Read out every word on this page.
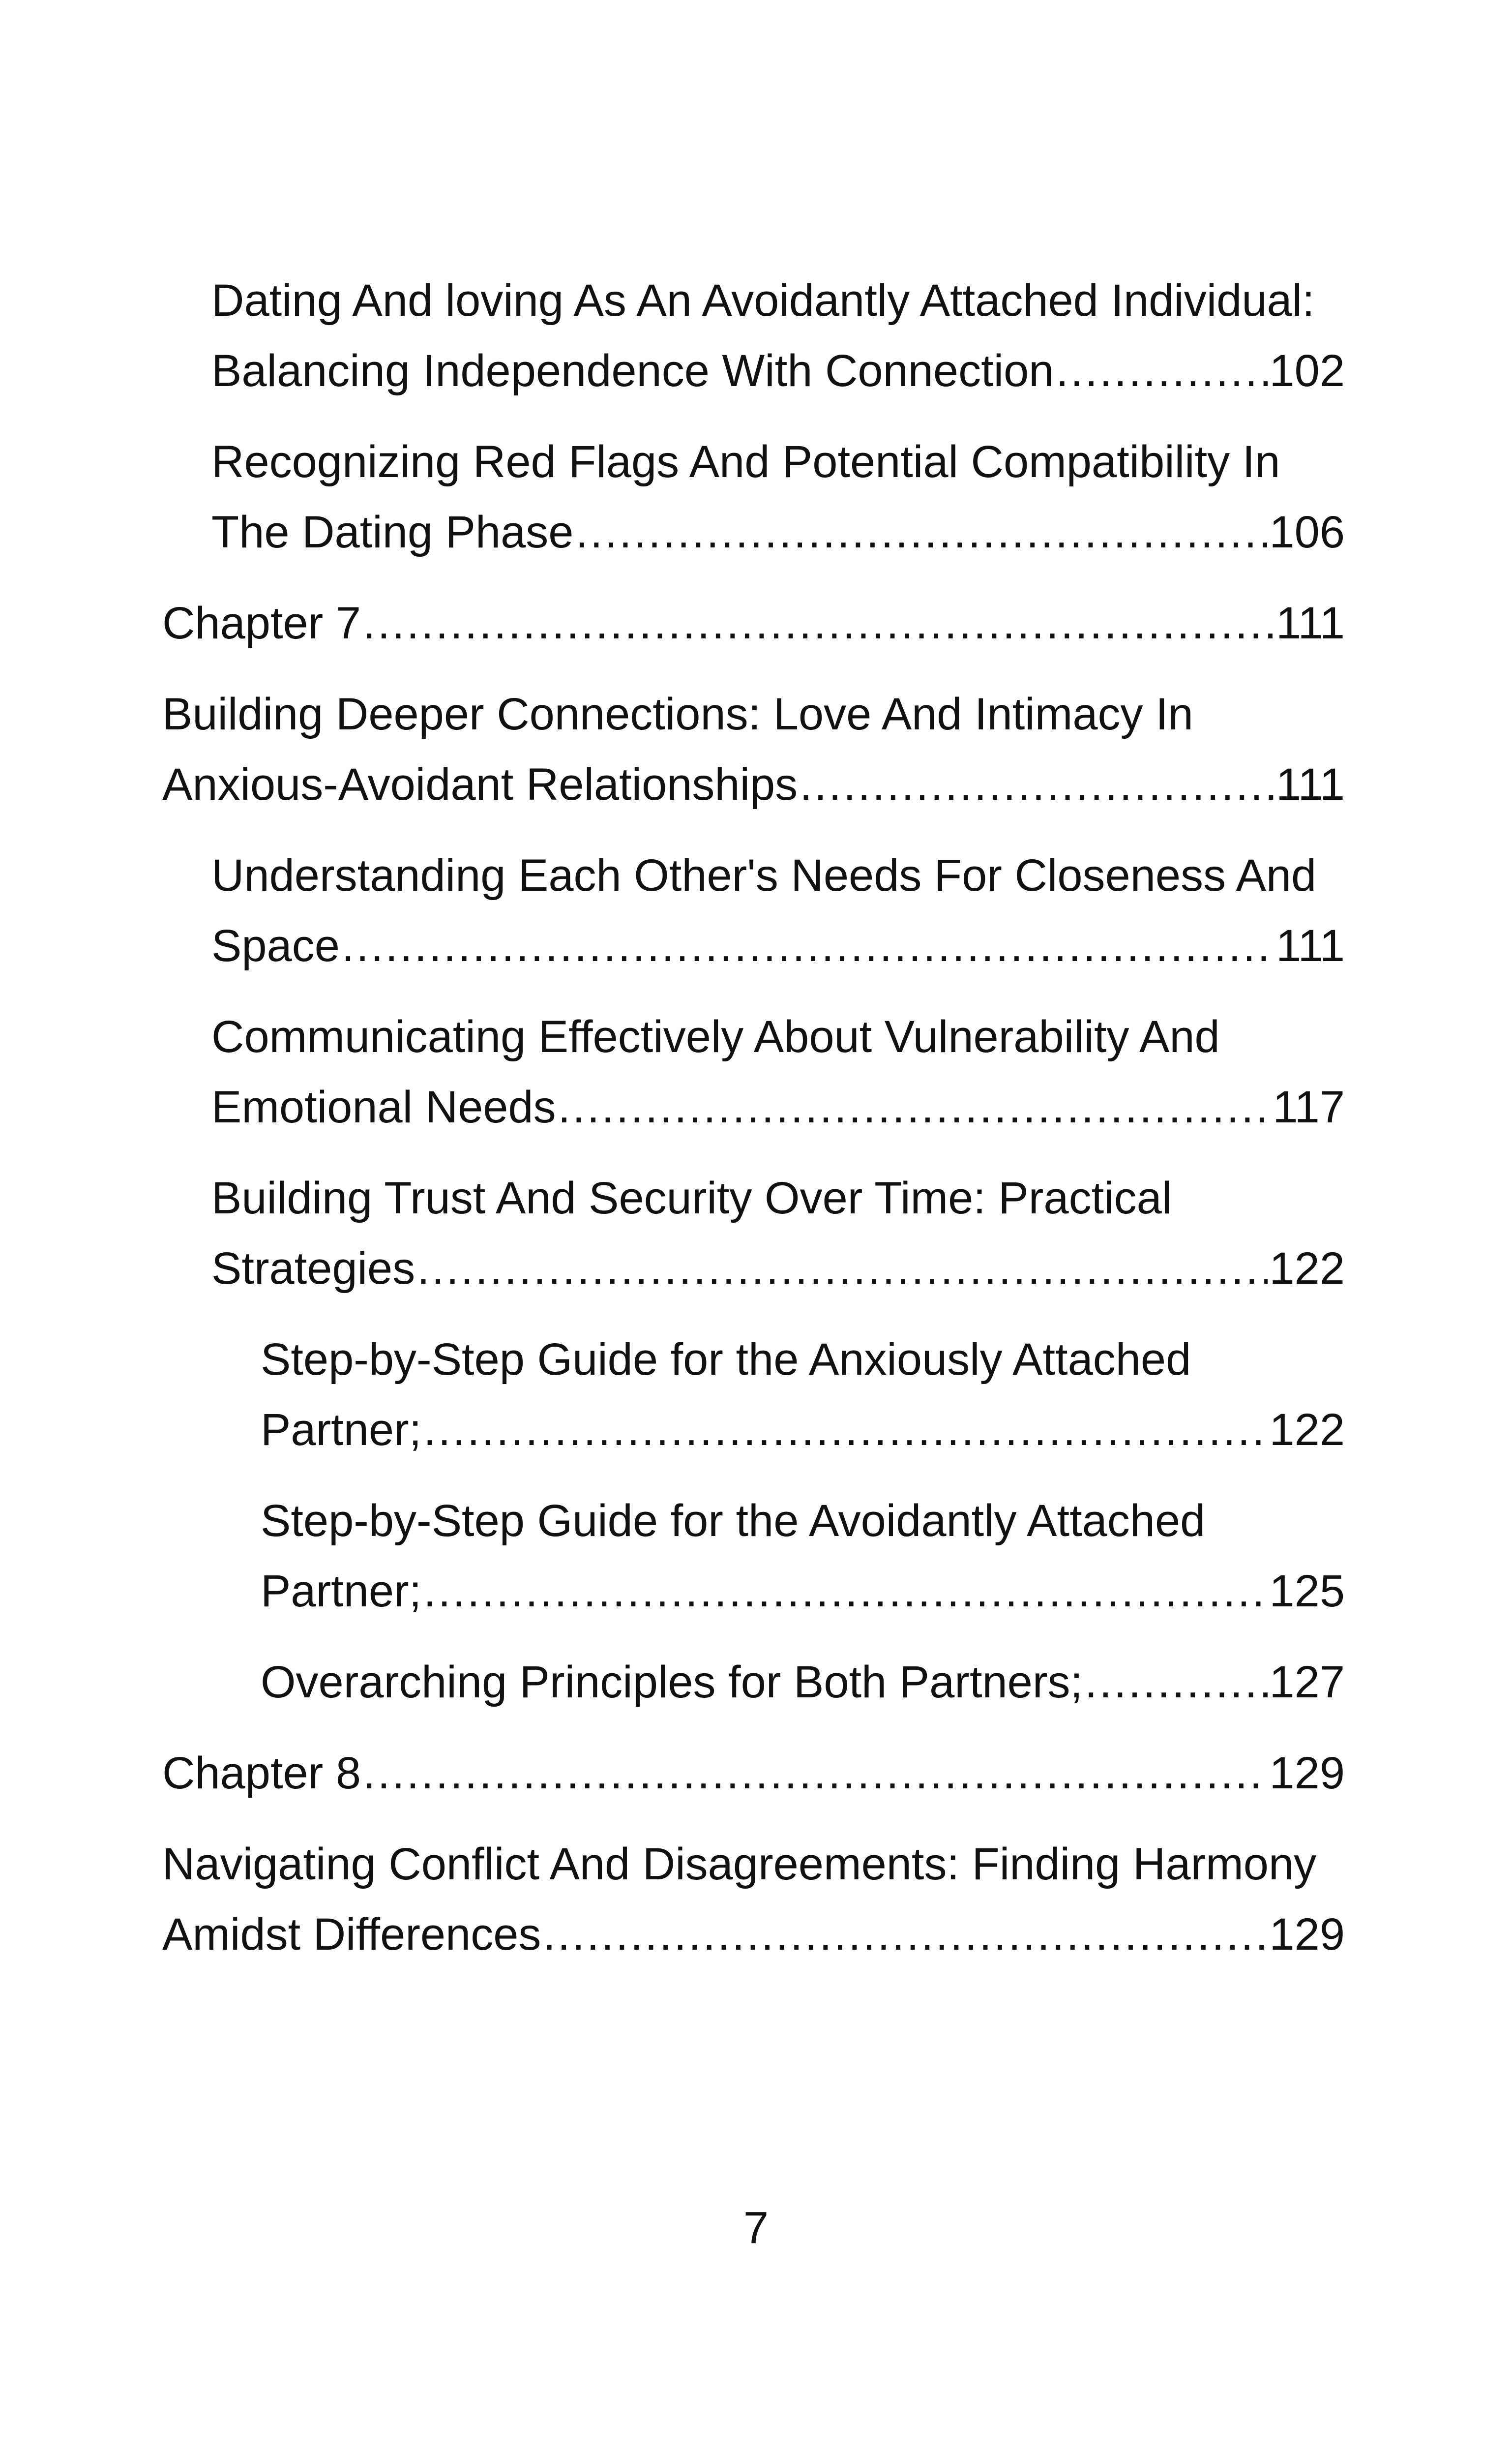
Dating And loving As An Avoidantly Attached Individual:
Balancing Independence With Connection .....	102
Recognizing Red Flags And Potential Compatibility In
The Dating Phase .....	106
Chapter 7 .....	111
Building Deeper Connections: Love And Intimacy In
Anxious-Avoidant Relationships .....	111
Understanding Each Other's Needs For Closeness And
Space .....	111
Communicating Effectively About Vulnerability And
Emotional Needs .....	117
Building Trust And Security Over Time: Practical
Strategies .....	122
Step-by-Step Guide for the Anxiously Attached
Partner; .....	122
Step-by-Step Guide for the Avoidantly Attached
Partner; .....	125
Overarching Principles for Both Partners; .....	127
Chapter 8 .....	129
Navigating Conflict And Disagreements: Finding Harmony
Amidst Differences .....	129
7
